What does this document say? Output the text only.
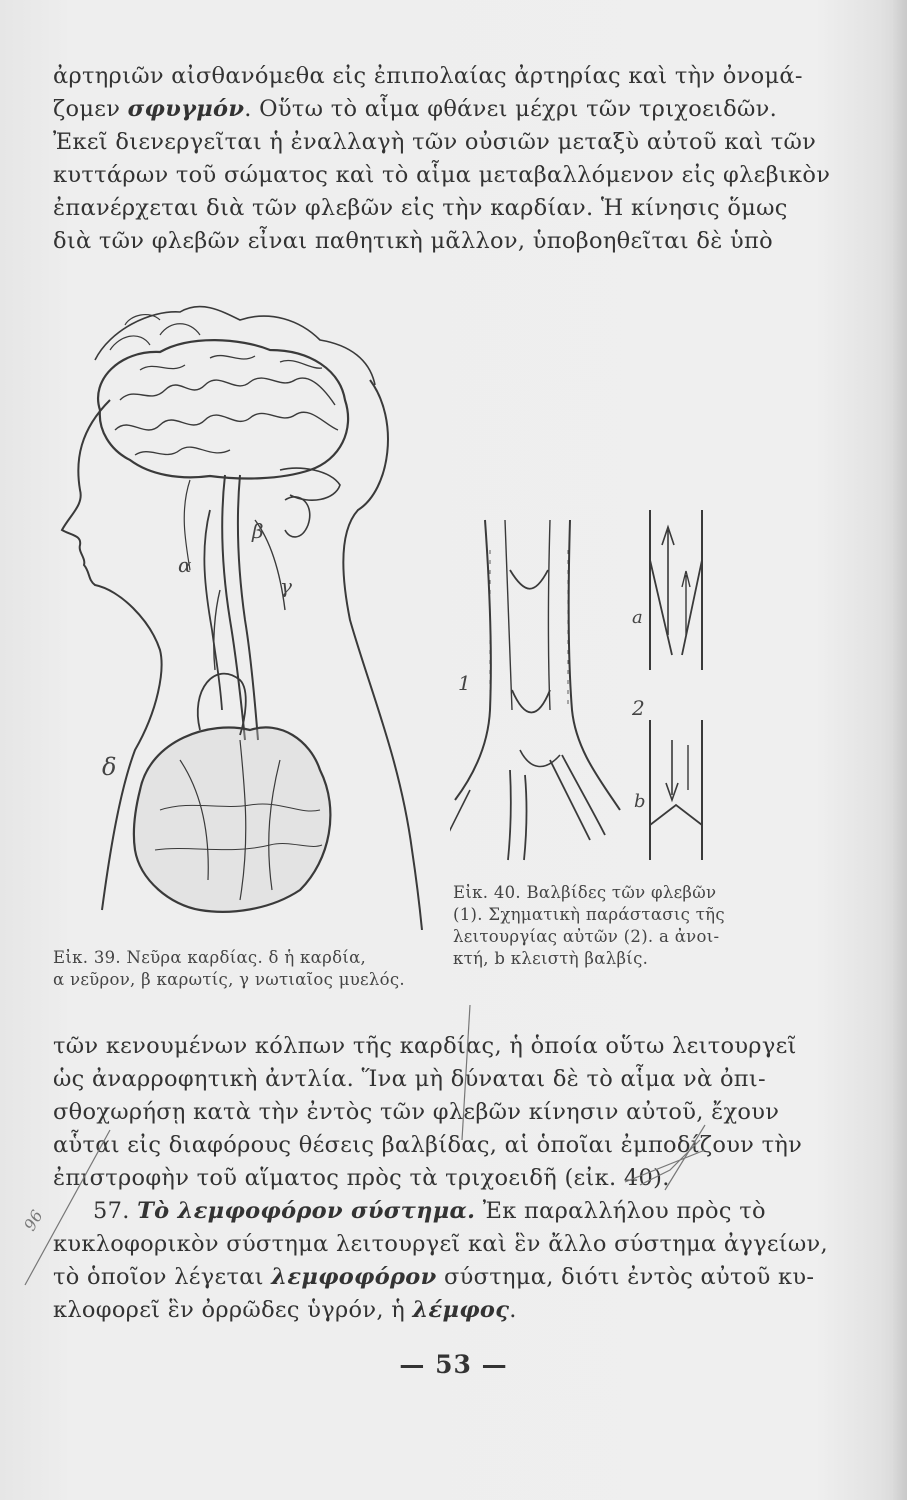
ἀρτηριῶν αἰσθανόμεθα εἰς ἐπιπολαίας ἀρτηρίας καὶ τὴν ὀνομά-
ζομεν σφυγμόν. Οὕτω τὸ αἷμα φθάνει μέχρι τῶν τριχοειδῶν.
Ἐκεῖ διενεργεῖται ἡ ἐναλλαγὴ τῶν οὐσιῶν μεταξὺ αὐτοῦ καὶ τῶν
κυττάρων τοῦ σώματος καὶ τὸ αἷμα μεταβαλλόμενον εἰς φλεβικὸν
ἐπανέρχεται διὰ τῶν φλεβῶν εἰς τὴν καρδίαν. Ἡ κίνησις ὅμως
διὰ τῶν φλεβῶν εἶναι παθητικὴ μᾶλλον, ὑποβοηθεῖται δὲ ὑπὸ
α
β
γ
δ
1
a
2
b
Εἰκ. 40. Βαλβίδες τῶν φλεβῶν
(1). Σχηματικὴ παράστασις τῆς
λειτουργίας αὐτῶν (2). a ἀνοι-
κτή, b κλειστὴ βαλβίς.
Εἰκ. 39. Νεῦρα καρδίας. δ ἡ καρδία,
α νεῦρον, β καρωτίς, γ νωτιαῖος μυελός.
τῶν κενουμένων κόλπων τῆς καρδίας, ἡ ὁποία οὕτω λειτουργεῖ
ὡς ἀναρροφητικὴ ἀντλία. Ἵνα μὴ δύναται δὲ τὸ αἷμα νὰ ὀπι-
σθοχωρήσῃ κατὰ τὴν ἐντὸς τῶν φλεβῶν κίνησιν αὐτοῦ, ἔχουν
αὗται εἰς διαφόρους θέσεις βαλβίδας, αἱ ὁποῖαι ἐμποδίζουν τὴν
ἐπιστροφὴν τοῦ αἵματος πρὸς τὰ τριχοειδῆ (εἰκ. 40).
57. Τὸ λεμφοφόρον σύστημα. Ἐκ παραλλήλου πρὸς τὸ
κυκλοφορικὸν σύστημα λειτουργεῖ καὶ ἓν ἄλλο σύστημα ἀγγείων,
τὸ ὁποῖον λέγεται λεμφοφόρον σύστημα, διότι ἐντὸς αὐτοῦ κυ-
κλοφορεῖ ἓν ὀρρῶδες ὑγρόν, ἡ λέμφος.
96
— 53 —
